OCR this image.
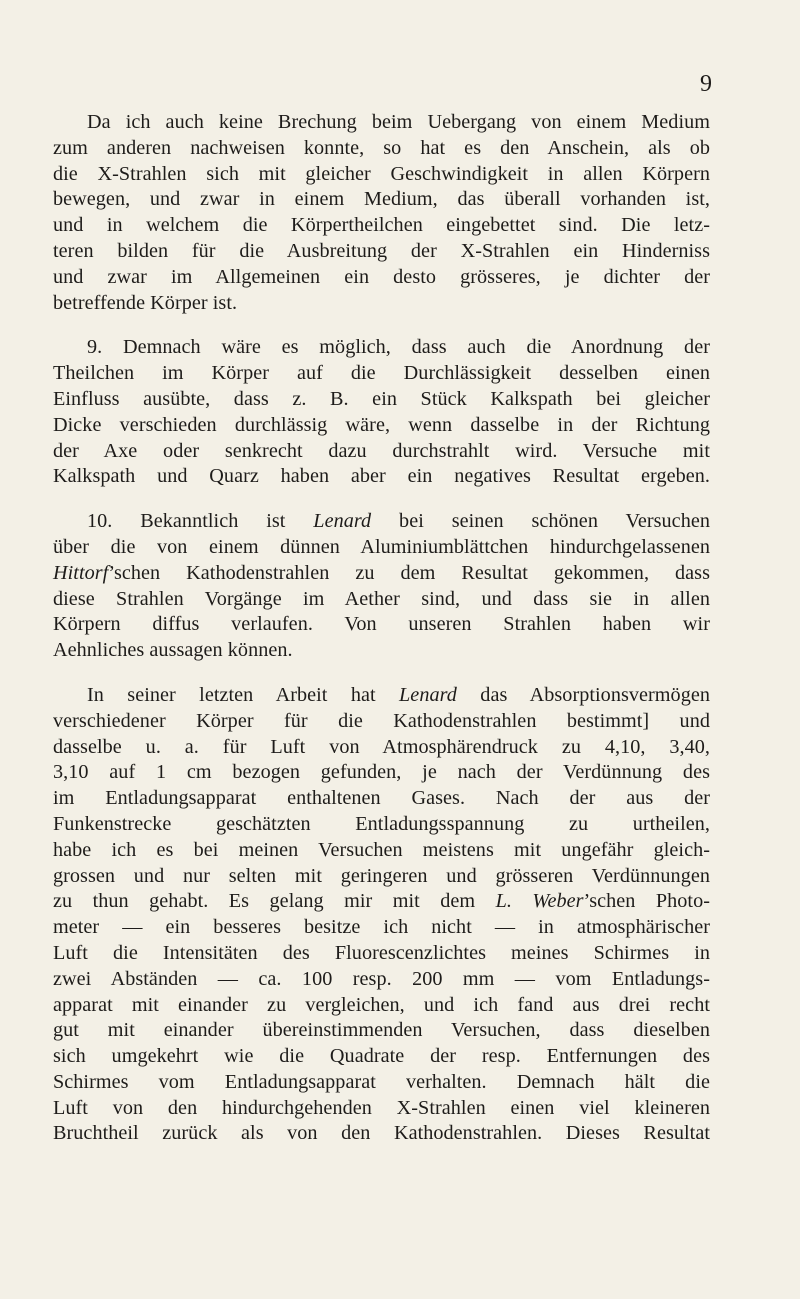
9
Da ich auch keine Brechung beim Uebergang von einem Medium
zum anderen nachweisen konnte, so hat es den Anschein, als ob
die X-Strahlen sich mit gleicher Geschwindigkeit in allen Körpern
bewegen, und zwar in einem Medium, das überall vorhanden ist,
und in welchem die Körpertheilchen eingebettet sind. Die letz-
teren bilden für die Ausbreitung der X-Strahlen ein Hinderniss
und zwar im Allgemeinen ein desto grösseres, je dichter der
betreffende Körper ist.
9. Demnach wäre es möglich, dass auch die Anordnung der
Theilchen im Körper auf die Durchlässigkeit desselben einen
Einfluss ausübte, dass z. B. ein Stück Kalkspath bei gleicher
Dicke verschieden durchlässig wäre, wenn dasselbe in der Richtung
der Axe oder senkrecht dazu durchstrahlt wird. Versuche mit
Kalkspath und Quarz haben aber ein negatives Resultat ergeben.
10. Bekanntlich ist Lenard bei seinen schönen Versuchen
über die von einem dünnen Aluminiumblättchen hindurchgelassenen
Hittorf’schen Kathodenstrahlen zu dem Resultat gekommen, dass
diese Strahlen Vorgänge im Aether sind, und dass sie in allen
Körpern diffus verlaufen. Von unseren Strahlen haben wir
Aehnliches aussagen können.
In seiner letzten Arbeit hat Lenard das Absorptionsvermögen
verschiedener Körper für die Kathodenstrahlen bestimmt] und
dasselbe u. a. für Luft von Atmosphärendruck zu 4,10, 3,40,
3,10 auf 1 cm bezogen gefunden, je nach der Verdünnung des
im Entladungsapparat enthaltenen Gases. Nach der aus der
Funkenstrecke geschätzten Entladungsspannung zu urtheilen,
habe ich es bei meinen Versuchen meistens mit ungefähr gleich-
grossen und nur selten mit geringeren und grösseren Verdünnungen
zu thun gehabt. Es gelang mir mit dem L. Weber’schen Photo-
meter — ein besseres besitze ich nicht — in atmosphärischer
Luft die Intensitäten des Fluorescenzlichtes meines Schirmes in
zwei Abständen — ca. 100 resp. 200 mm — vom Entladungs-
apparat mit einander zu vergleichen, und ich fand aus drei recht
gut mit einander übereinstimmenden Versuchen, dass dieselben
sich umgekehrt wie die Quadrate der resp. Entfernungen des
Schirmes vom Entladungsapparat verhalten. Demnach hält die
Luft von den hindurchgehenden X-Strahlen einen viel kleineren
Bruchtheil zurück als von den Kathodenstrahlen. Dieses Resultat
